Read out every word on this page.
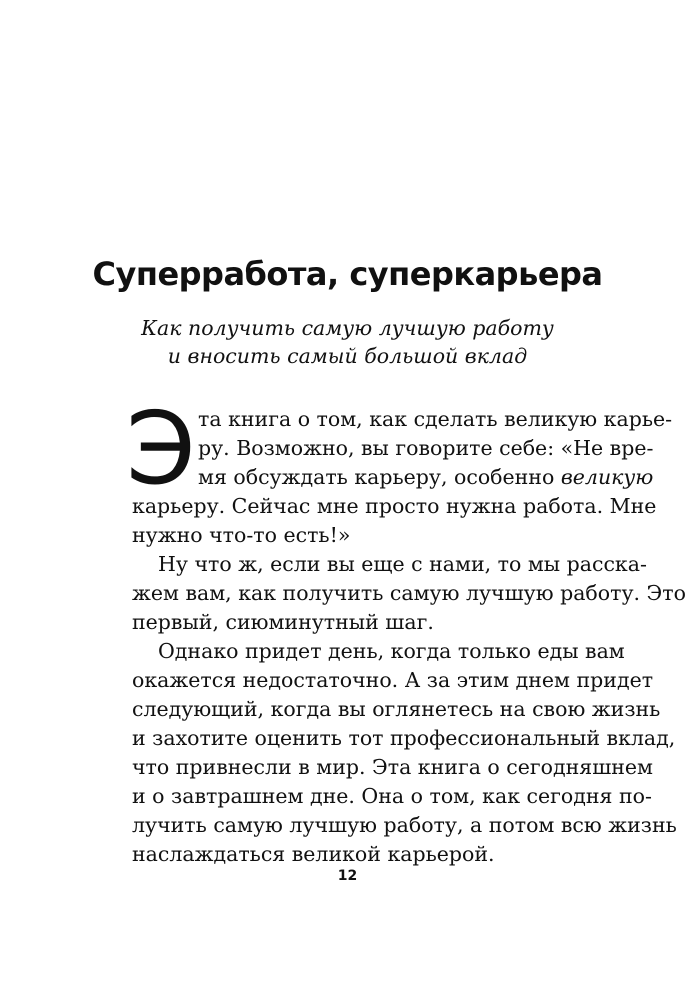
Суперработа, суперкарьера
Как получить самую лучшую работу
и вносить самый большой вклад
Э та книга о том, как сделать великую карье-
ру. Возможно, вы говорите себе: «Не вре-
мя обсуждать карьеру, особенно великую
карьеру. Сейчас мне просто нужна работа. Мне
нужно что-то есть!»
Ну что ж, если вы еще с нами, то мы расска-
жем вам, как получить самую лучшую работу. Это
первый, сиюминутный шаг.
Однако придет день, когда только еды вам
окажется недостаточно. А за этим днем придет
следующий, когда вы оглянетесь на свою жизнь
и захотите оценить тот профессиональный вклад,
что привнесли в мир. Эта книга о сегодняшнем
и о завтрашнем дне. Она о том, как сегодня по-
лучить самую лучшую работу, а потом всю жизнь
наслаждаться великой карьерой.
12
